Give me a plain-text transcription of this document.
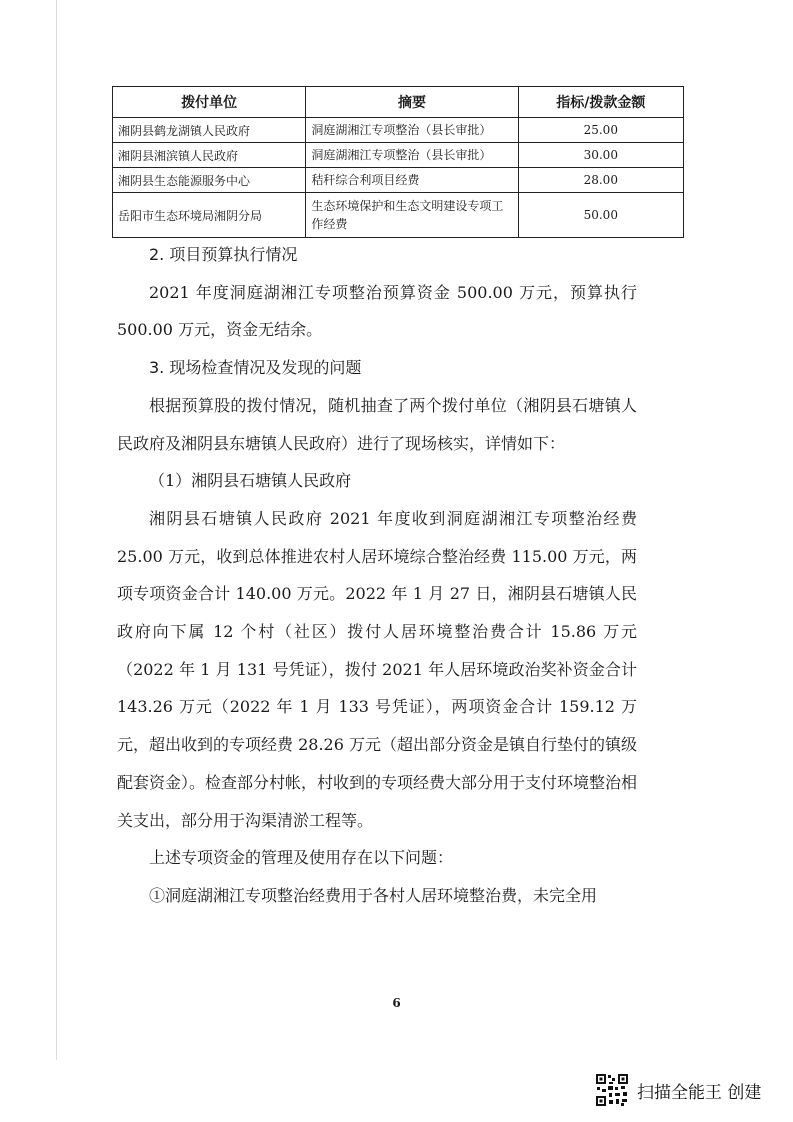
拨付单位	摘要	指标/拨款金额
湘阴县鹤龙湖镇人民政府	洞庭湖湘江专项整治（县长审批）	25.00
湘阴县湘滨镇人民政府	洞庭湖湘江专项整治（县长审批）	30.00
湘阴县生态能源服务中心	秸秆综合利项目经费	28.00
岳阳市生态环境局湘阴分局	生态环境保护和生态文明建设专项工作经费	50.00

2. 项目预算执行情况

2021 年度洞庭湖湘江专项整治预算资金 500.00 万元，预算执行 500.00 万元，资金无结余。

3. 现场检查情况及发现的问题

根据预算股的拨付情况，随机抽查了两个拨付单位（湘阴县石塘镇人民政府及湘阴县东塘镇人民政府）进行了现场核实，详情如下：

（1）湘阴县石塘镇人民政府

湘阴县石塘镇人民政府 2021 年度收到洞庭湖湘江专项整治经费 25.00 万元，收到总体推进农村人居环境综合整治经费 115.00 万元，两项专项资金合计 140.00 万元。2022 年 1 月 27 日，湘阴县石塘镇人民政府向下属 12 个村（社区）拨付人居环境整治费合计 15.86 万元（2022 年 1 月 131 号凭证），拨付 2021 年人居环境政治奖补资金合计 143.26 万元（2022 年 1 月 133 号凭证），两项资金合计 159.12 万元，超出收到的专项经费 28.26 万元（超出部分资金是镇自行垫付的镇级配套资金）。检查部分村帐，村收到的专项经费大部分用于支付环境整治相关支出，部分用于沟渠清淤工程等。

上述专项资金的管理及使用存在以下问题：

①洞庭湖湘江专项整治经费用于各村人居环境整治费，未完全用

6
扫描全能王 创建
